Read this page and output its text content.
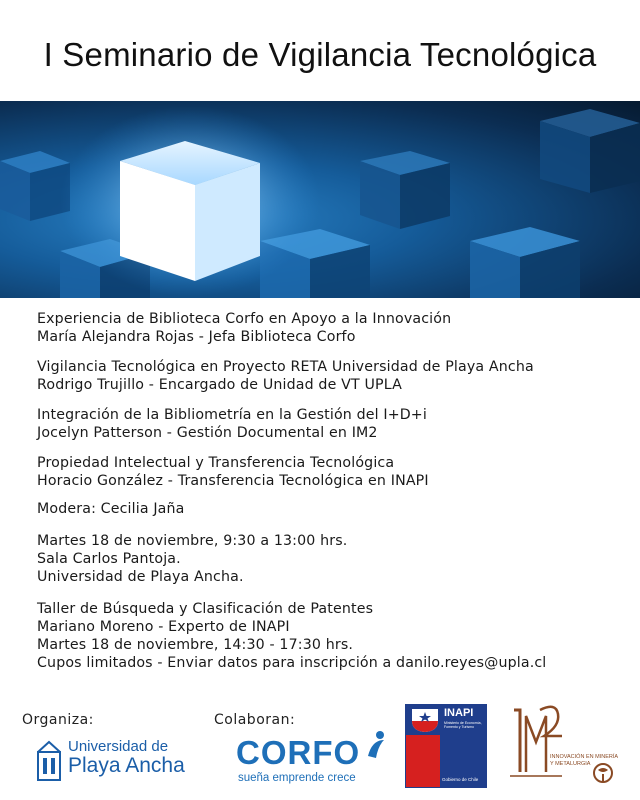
I Seminario de Vigilancia Tecnológica
Experiencia de Biblioteca Corfo en Apoyo a la Innovación
María Alejandra Rojas - Jefa Biblioteca Corfo
Vigilancia Tecnológica en Proyecto RETA Universidad de Playa Ancha
Rodrigo Trujillo - Encargado de Unidad de VT UPLA
Integración de la Bibliometría en la Gestión del I+D+i
Jocelyn Patterson - Gestión Documental en IM2
Propiedad Intelectual y Transferencia Tecnológica
Horacio González - Transferencia Tecnológica en INAPI
Modera: Cecilia Jaña
Martes 18 de noviembre, 9:30 a 13:00 hrs.
Sala Carlos Pantoja.
Universidad de Playa Ancha.
Taller de Búsqueda y Clasificación de Patentes
Mariano Moreno - Experto de INAPI
Martes 18 de noviembre, 14:30 - 17:30 hrs.
Cupos limitados - Enviar datos para inscripción a danilo.reyes@upla.cl
Organiza:	Colaboran:
Universidad de
Playa Ancha CORFO
sueña emprende crece
INAPI
Ministerio de Economía, Fomento y Turismo
Gobierno de Chile
INNOVACIÓN EN MINERÍA Y METALURGIA
